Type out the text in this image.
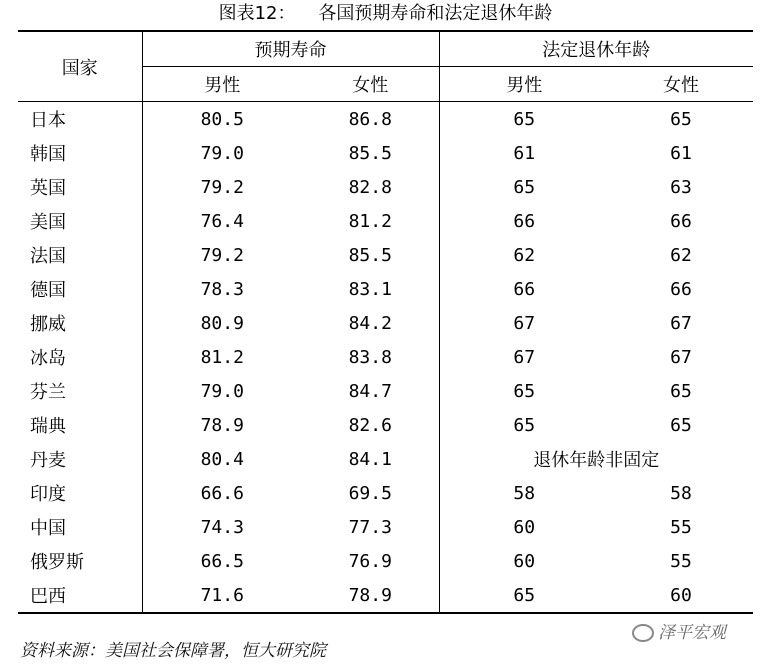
图表12：    各国预期寿命和法定退休年龄
国家	预期寿命		法定退休年龄	
	男性	女性	男性	女性
日本	80.5	86.8	65	65
韩国	79.0	85.5	61	61
英国	79.2	82.8	65	63
美国	76.4	81.2	66	66
法国	79.2	85.5	62	62
德国	78.3	83.1	66	66
挪威	80.9	84.2	67	67
冰岛	81.2	83.8	67	67
芬兰	79.0	84.7	65	65
瑞典	78.9	82.6	65	65
丹麦	80.4	84.1	退休年龄非固定	
印度	66.6	69.5	58	58
中国	74.3	77.3	60	55
俄罗斯	66.5	76.9	60	55
巴西	71.6	78.9	65	60
资料来源：美国社会保障署，恒大研究院
泽平宏观
